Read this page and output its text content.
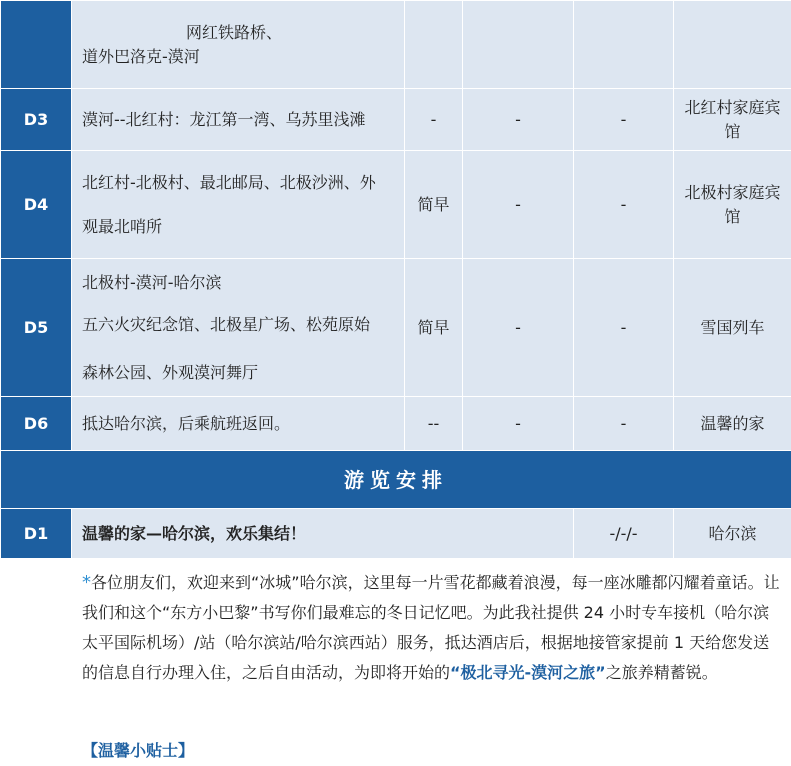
	网红铁路桥、
道外巴洛克-漠河				

D3	漠河--北红村：龙江第一湾、乌苏里浅滩	-	-	-	北红村家庭宾馆
D4	北红村-北极村、最北邮局、北极沙洲、外
观最北哨所	简早	-	-	北极村家庭宾馆
D5	北极村-漠河-哈尔滨
五六火灾纪念馆、北极星广场、松苑原始
森林公园、外观漠河舞厅	简早	-	-	雪国列车
D6	抵达哈尔滨，后乘航班返回。	--	-	-	温馨的家
游览安排					
D1	温馨的家—哈尔滨，欢乐集结！			-/-/-	哈尔滨
*各位朋友们，欢迎来到“冰城”哈尔滨，这里每一片雪花都藏着浪漫，每一座冰雕都闪耀着童话。让我们和这个“东方小巴黎”书写你们最难忘的冬日记忆吧。为此我社提供 24 小时专车接机（哈尔滨太平国际机场）/站（哈尔滨站/哈尔滨西站）服务，抵达酒店后，根据地接管家提前 1 天给您发送的信息自行办理入住，之后自由活动，为即将开始的“极北寻光-漠河之旅”之旅养精蓄锐。
【温馨小贴士】
